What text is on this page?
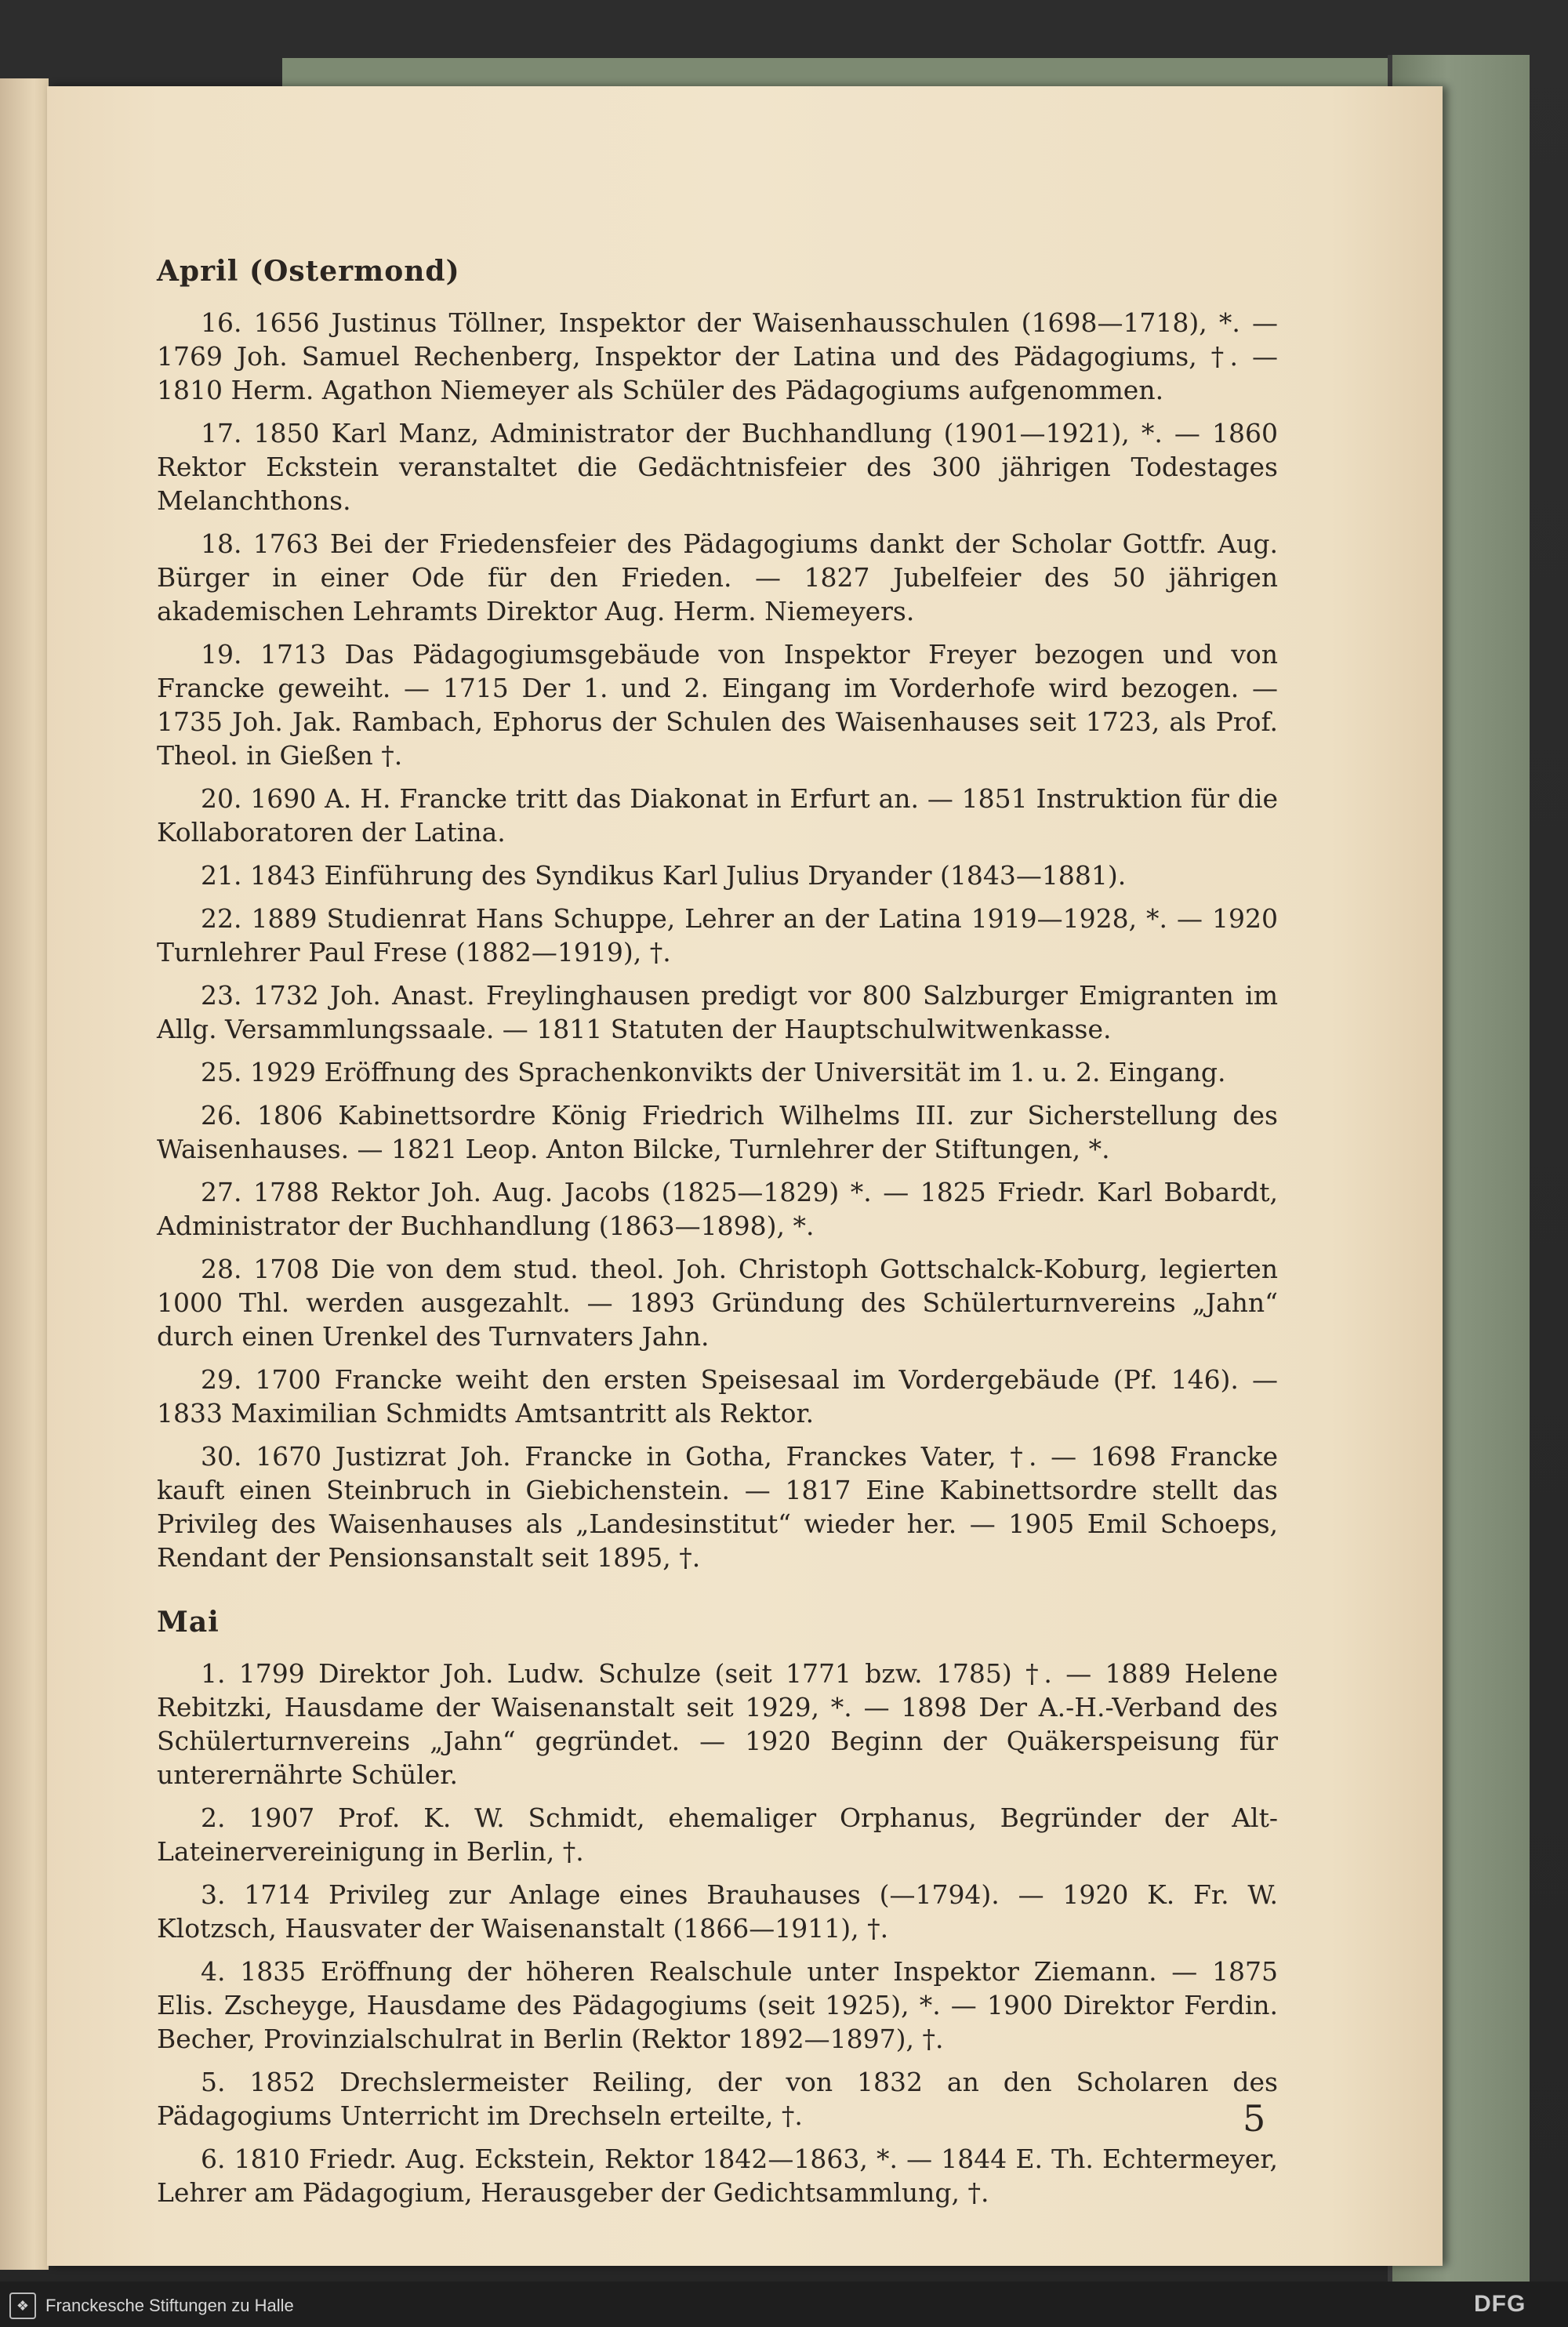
April (Ostermond)

16. 1656 Justinus Töllner, Inspektor der Waisenhausschulen (1698—1718), *. — 1769 Joh. Samuel Rechenberg, Inspektor der Latina und des Pädagogiums, †. — 1810 Herm. Agathon Niemeyer als Schüler des Pädagogiums aufgenommen.

17. 1850 Karl Manz, Administrator der Buchhandlung (1901—1921), *. — 1860 Rektor Eckstein veranstaltet die Gedächtnisfeier des 300 jährigen Todestages Melanchthons.

18. 1763 Bei der Friedensfeier des Pädagogiums dankt der Scholar Gottfr. Aug. Bürger in einer Ode für den Frieden. — 1827 Jubelfeier des 50 jährigen akademischen Lehramts Direktor Aug. Herm. Niemeyers.

19. 1713 Das Pädagogiumsgebäude von Inspektor Freyer bezogen und von Francke geweiht. — 1715 Der 1. und 2. Eingang im Vorderhofe wird bezogen. — 1735 Joh. Jak. Rambach, Ephorus der Schulen des Waisenhauses seit 1723, als Prof. Theol. in Gießen †.

20. 1690 A. H. Francke tritt das Diakonat in Erfurt an. — 1851 Instruktion für die Kollaboratoren der Latina.

21. 1843 Einführung des Syndikus Karl Julius Dryander (1843—1881).

22. 1889 Studienrat Hans Schuppe, Lehrer an der Latina 1919—1928, *. — 1920 Turnlehrer Paul Frese (1882—1919), †.

23. 1732 Joh. Anast. Freylinghausen predigt vor 800 Salzburger Emigranten im Allg. Versammlungssaale. — 1811 Statuten der Hauptschulwitwenkasse.

25. 1929 Eröffnung des Sprachenkonvikts der Universität im 1. u. 2. Eingang.

26. 1806 Kabinettsordre König Friedrich Wilhelms III. zur Sicherstellung des Waisenhauses. — 1821 Leop. Anton Bilcke, Turnlehrer der Stiftungen, *.

27. 1788 Rektor Joh. Aug. Jacobs (1825—1829) *. — 1825 Friedr. Karl Bobardt, Administrator der Buchhandlung (1863—1898), *.

28. 1708 Die von dem stud. theol. Joh. Christoph Gottschalck-Koburg, legierten 1000 Thl. werden ausgezahlt. — 1893 Gründung des Schülerturnvereins „Jahn“ durch einen Urenkel des Turnvaters Jahn.

29. 1700 Francke weiht den ersten Speisesaal im Vordergebäude (Pf. 146). — 1833 Maximilian Schmidts Amtsantritt als Rektor.

30. 1670 Justizrat Joh. Francke in Gotha, Franckes Vater, †. — 1698 Francke kauft einen Steinbruch in Giebichenstein. — 1817 Eine Kabinettsordre stellt das Privileg des Waisenhauses als „Landesinstitut“ wieder her. — 1905 Emil Schoeps, Rendant der Pensionsanstalt seit 1895, †.

Mai

1. 1799 Direktor Joh. Ludw. Schulze (seit 1771 bzw. 1785) †. — 1889 Helene Rebitzki, Hausdame der Waisenanstalt seit 1929, *. — 1898 Der A.-H.-Verband des Schülerturnvereins „Jahn“ gegründet. — 1920 Beginn der Quäkerspeisung für unterernährte Schüler.

2. 1907 Prof. K. W. Schmidt, ehemaliger Orphanus, Begründer der Alt-Lateinervereinigung in Berlin, †.

3. 1714 Privileg zur Anlage eines Brauhauses (—1794). — 1920 K. Fr. W. Klotzsch, Hausvater der Waisenanstalt (1866—1911), †.

4. 1835 Eröffnung der höheren Realschule unter Inspektor Ziemann. — 1875 Elis. Zscheyge, Hausdame des Pädagogiums (seit 1925), *. — 1900 Direktor Ferdin. Becher, Provinzialschulrat in Berlin (Rektor 1892—1897), †.

5. 1852 Drechslermeister Reiling, der von 1832 an den Scholaren des Pädagogiums Unterricht im Drechseln erteilte, †.

6. 1810 Friedr. Aug. Eckstein, Rektor 1842—1863, *. — 1844 E. Th. Echtermeyer, Lehrer am Pädagogium, Herausgeber der Gedichtsammlung, †.

5
❖ Franckesche Stiftungen zu Halle	DFG
